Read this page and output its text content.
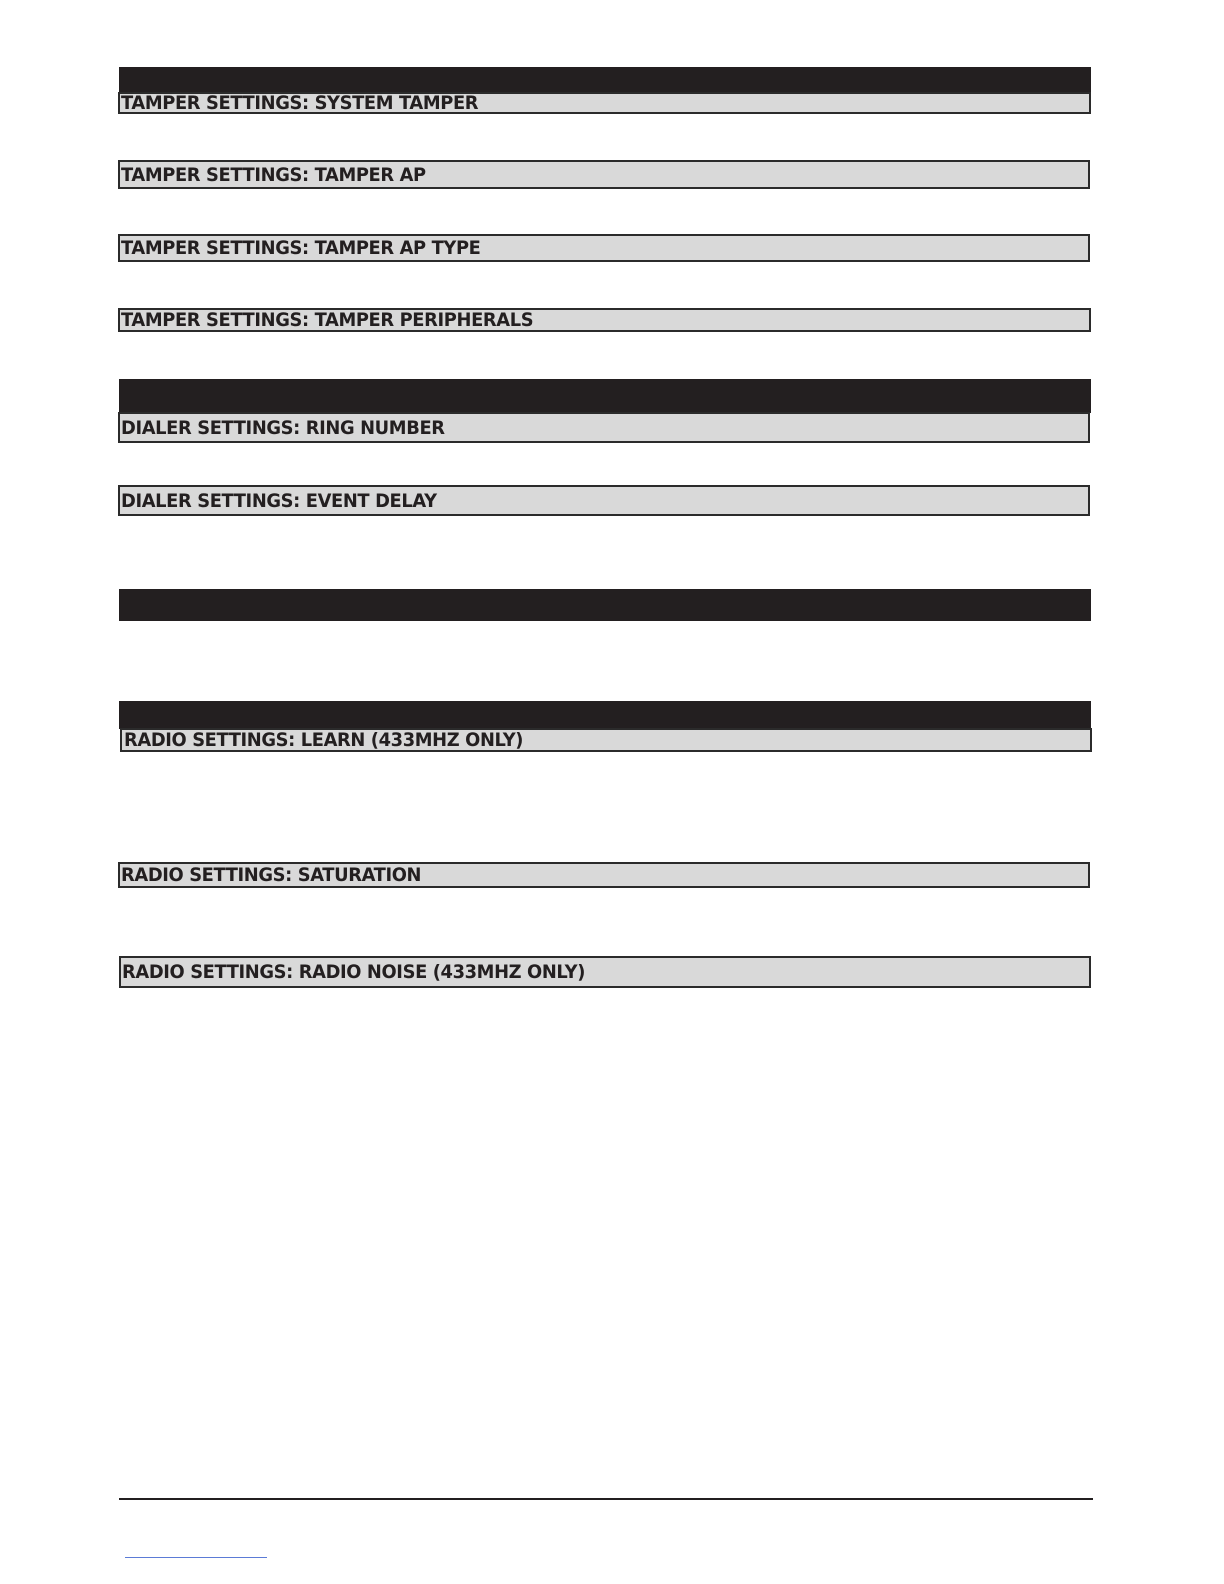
TAMPER SETTINGS: SYSTEM TAMPER
TAMPER SETTINGS: TAMPER AP
TAMPER SETTINGS: TAMPER AP TYPE
TAMPER SETTINGS: TAMPER PERIPHERALS
DIALER SETTINGS: RING NUMBER
DIALER SETTINGS: EVENT DELAY
RADIO SETTINGS: LEARN (433MHZ ONLY)
RADIO SETTINGS: SATURATION
RADIO SETTINGS: RADIO NOISE (433MHZ ONLY)
